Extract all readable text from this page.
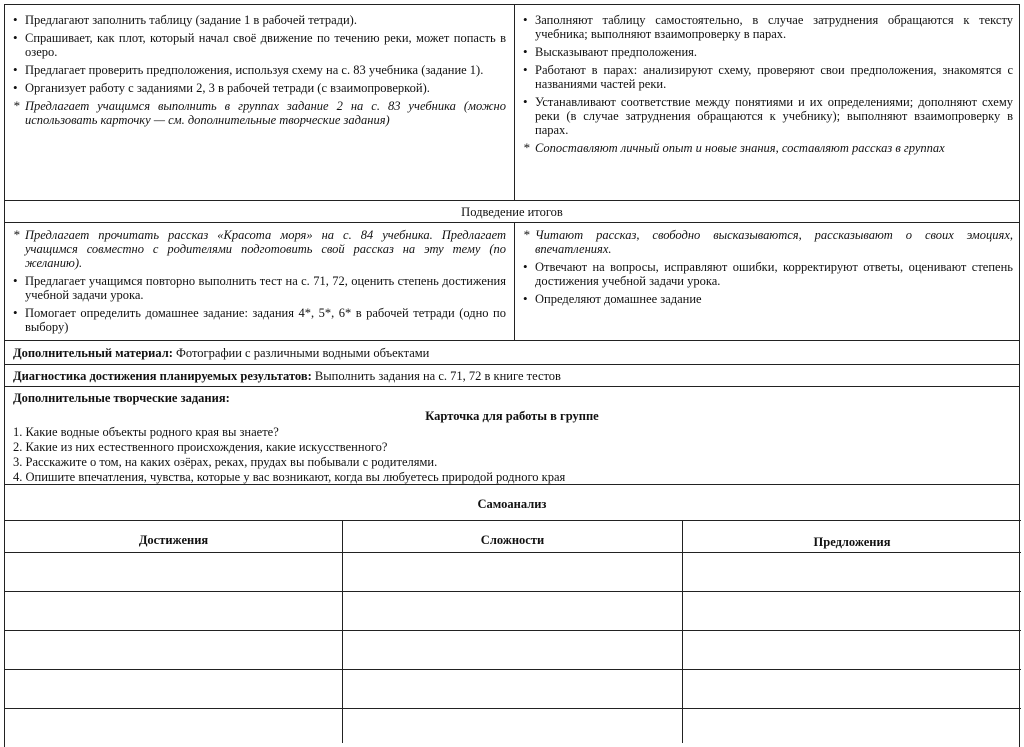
• Предлагают заполнить таблицу (задание 1 в рабочей тетради).
• Спрашивает, как плот, который начал своё движение по течению реки, может попасть в озеро.
• Предлагает проверить предположения, используя схему на с. 83 учебника (задание 1).
• Организует работу с заданиями 2, 3 в рабочей тетради (с взаимопроверкой).
* Предлагает учащимся выполнить в группах задание 2 на с. 83 учебника (можно использовать карточку — см. дополнительные творческие задания)
• Заполняют таблицу самостоятельно, в случае затруднения обращаются к тексту учебника; выполняют взаимопроверку в парах.
• Высказывают предположения.
• Работают в парах: анализируют схему, проверяют свои предположения, знакомятся с названиями частей реки.
• Устанавливают соответствие между понятиями и их определениями; дополняют схему реки (в случае затруднения обращаются к учебнику); выполняют взаимопроверку в парах.
* Сопоставляют личный опыт и новые знания, составляют рассказ в группах
Подведение итогов
* Предлагает прочитать рассказ «Красота моря» на с. 84 учебника. Предлагает учащимся совместно с родителями подготовить свой рассказ на эту тему (по желанию).
• Предлагает учащимся повторно выполнить тест на с. 71, 72, оценить степень достижения учебной задачи урока.
• Помогает определить домашнее задание: задания 4*, 5*, 6* в рабочей тетради (одно по выбору)
* Читают рассказ, свободно высказываются, рассказывают о своих эмоциях, впечатлениях.
• Отвечают на вопросы, исправляют ошибки, корректируют ответы, оценивают степень достижения учебной задачи урока.
• Определяют домашнее задание
Дополнительный материал: Фотографии с различными водными объектами
Диагностика достижения планируемых результатов: Выполнить задания на с. 71, 72 в книге тестов
Дополнительные творческие задания:
Карточка для работы в группе
1. Какие водные объекты родного края вы знаете?
2. Какие из них естественного происхождения, какие искусственного?
3. Расскажите о том, на каких озёрах, реках, прудах вы побывали с родителями.
4. Опишите впечатления, чувства, которые у вас возникают, когда вы любуетесь природой родного края
Самоанализ
Достижения	Сложности	Предложения
